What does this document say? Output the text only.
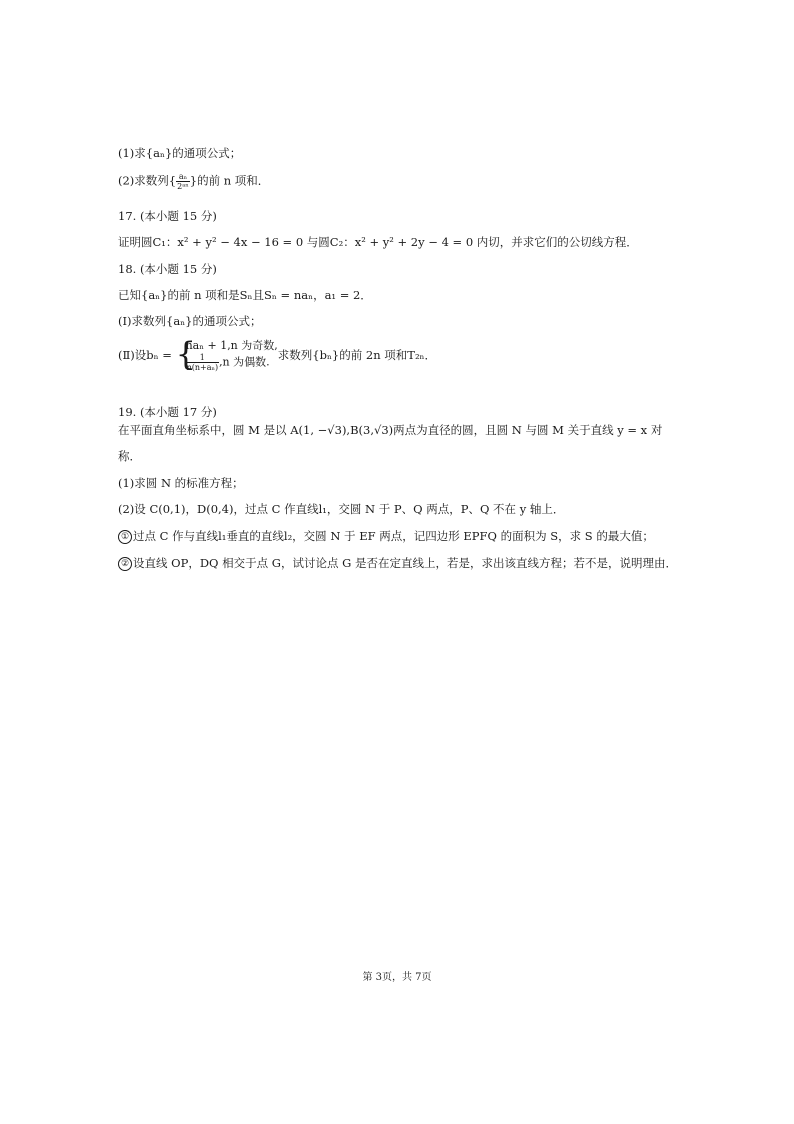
(1)求{aₙ}的通项公式；
(2)求数列{ $\frac{\text{aₙ}}{\text{2ᵃⁿ}}$ }的前 n 项和．
17. (本小题 15 分)
证明圆C₁：x² + y² − 4x − 16 = 0 与圆C₂：x² + y² + 2y − 4 = 0 内切，并求它们的公切线方程．
18. (本小题 15 分)
已知{aₙ}的前 n 项和是Sₙ且Sₙ = naₙ，a₁ = 2．
(Ⅰ)求数列{aₙ}的通项公式；
(Ⅱ)设bₙ = {
naₙ + 1,n 为奇数,
$\frac{1}{\text{n(n+aₙ)}} ,n$ 为偶数. 求数列{bₙ}的前 2n 项和T₂ₙ．
19. (本小题 17 分)
在平面直角坐标系中，圆 M 是以 A(1, −√3),B(3,√3)两点为直径的圆，且圆 N 与圆 M 关于直线 y = x 对
称．
(1)求圆 N 的标准方程；
(2)设 C(0,1)，D(0,4)，过点 C 作直线l₁，交圆 N 于 P、Q 两点，P、Q 不在 y 轴上．
① 过点 C 作与直线l₁垂直的直线l₂，交圆 N 于 EF 两点，记四边形 EPFQ 的面积为 S，求 S 的最大值；
② 设直线 OP，DQ 相交于点 G，试讨论点 G 是否在定直线上，若是，求出该直线方程；若不是，说明理由．
第 3页，共 7页
